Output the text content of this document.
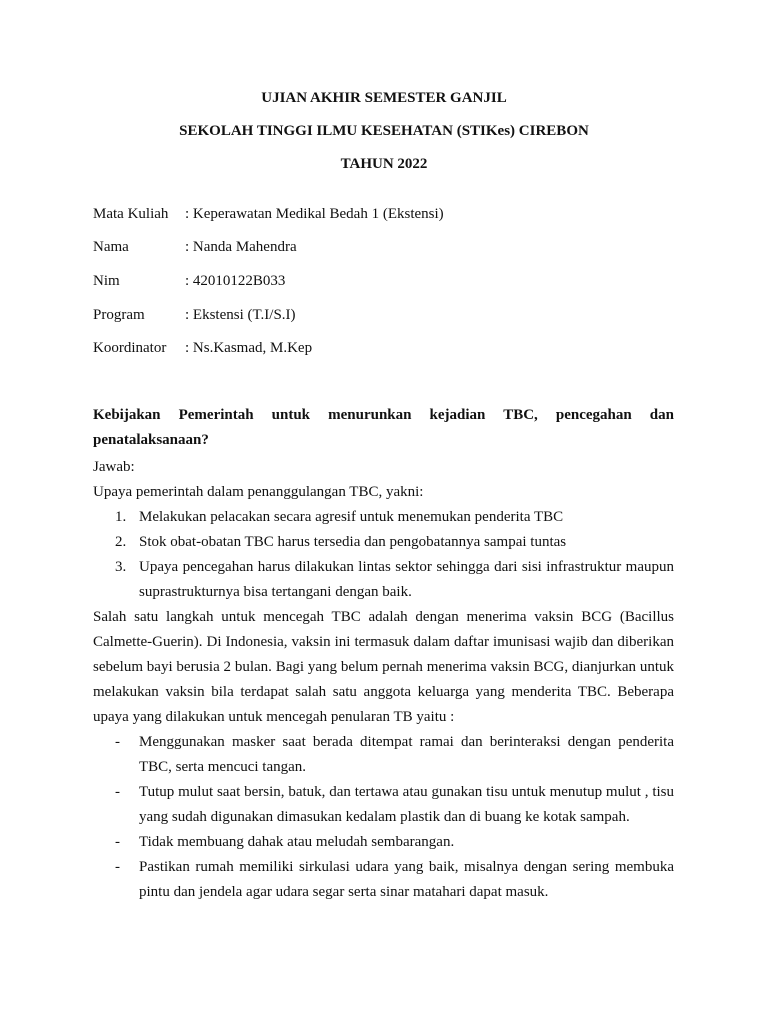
UJIAN AKHIR SEMESTER GANJIL

SEKOLAH TINGGI ILMU KESEHATAN (STIKes) CIREBON

TAHUN 2022

Mata Kuliah : Keperawatan Medikal Bedah 1 (Ekstensi)
Nama	: Nanda Mahendra
Nim	: 42010122B033
Program	: Ekstensi (T.I/S.I)
Koordinator : Ns.Kasmad, M.Kep

Kebijakan Pemerintah untuk menurunkan kejadian TBC, pencegahan dan penatalaksanaan?

Jawab:

Upaya pemerintah dalam penanggulangan TBC, yakni:

1. Melakukan pelacakan secara agresif untuk menemukan penderita TBC
2. Stok obat-obatan TBC harus tersedia dan pengobatannya sampai tuntas
3. Upaya pencegahan harus dilakukan lintas sektor sehingga dari sisi infrastruktur maupun suprastrukturnya bisa tertangani dengan baik.

Salah satu langkah untuk mencegah TBC adalah dengan menerima vaksin BCG (Bacillus Calmette-Guerin). Di Indonesia, vaksin ini termasuk dalam daftar imunisasi wajib dan diberikan sebelum bayi berusia 2 bulan. Bagi yang belum pernah menerima vaksin BCG, dianjurkan untuk melakukan vaksin bila terdapat salah satu anggota keluarga yang menderita TBC. Beberapa upaya yang dilakukan untuk mencegah penularan TB yaitu :

- Menggunakan masker saat berada ditempat ramai dan berinteraksi dengan penderita TBC, serta mencuci tangan.
- Tutup mulut saat bersin, batuk, dan tertawa atau gunakan tisu untuk menutup mulut , tisu yang sudah digunakan dimasukan kedalam plastik dan di buang ke kotak sampah.
- Tidak membuang dahak atau meludah sembarangan.
- Pastikan rumah memiliki sirkulasi udara yang baik, misalnya dengan sering membuka pintu dan jendela agar udara segar serta sinar matahari dapat masuk.
